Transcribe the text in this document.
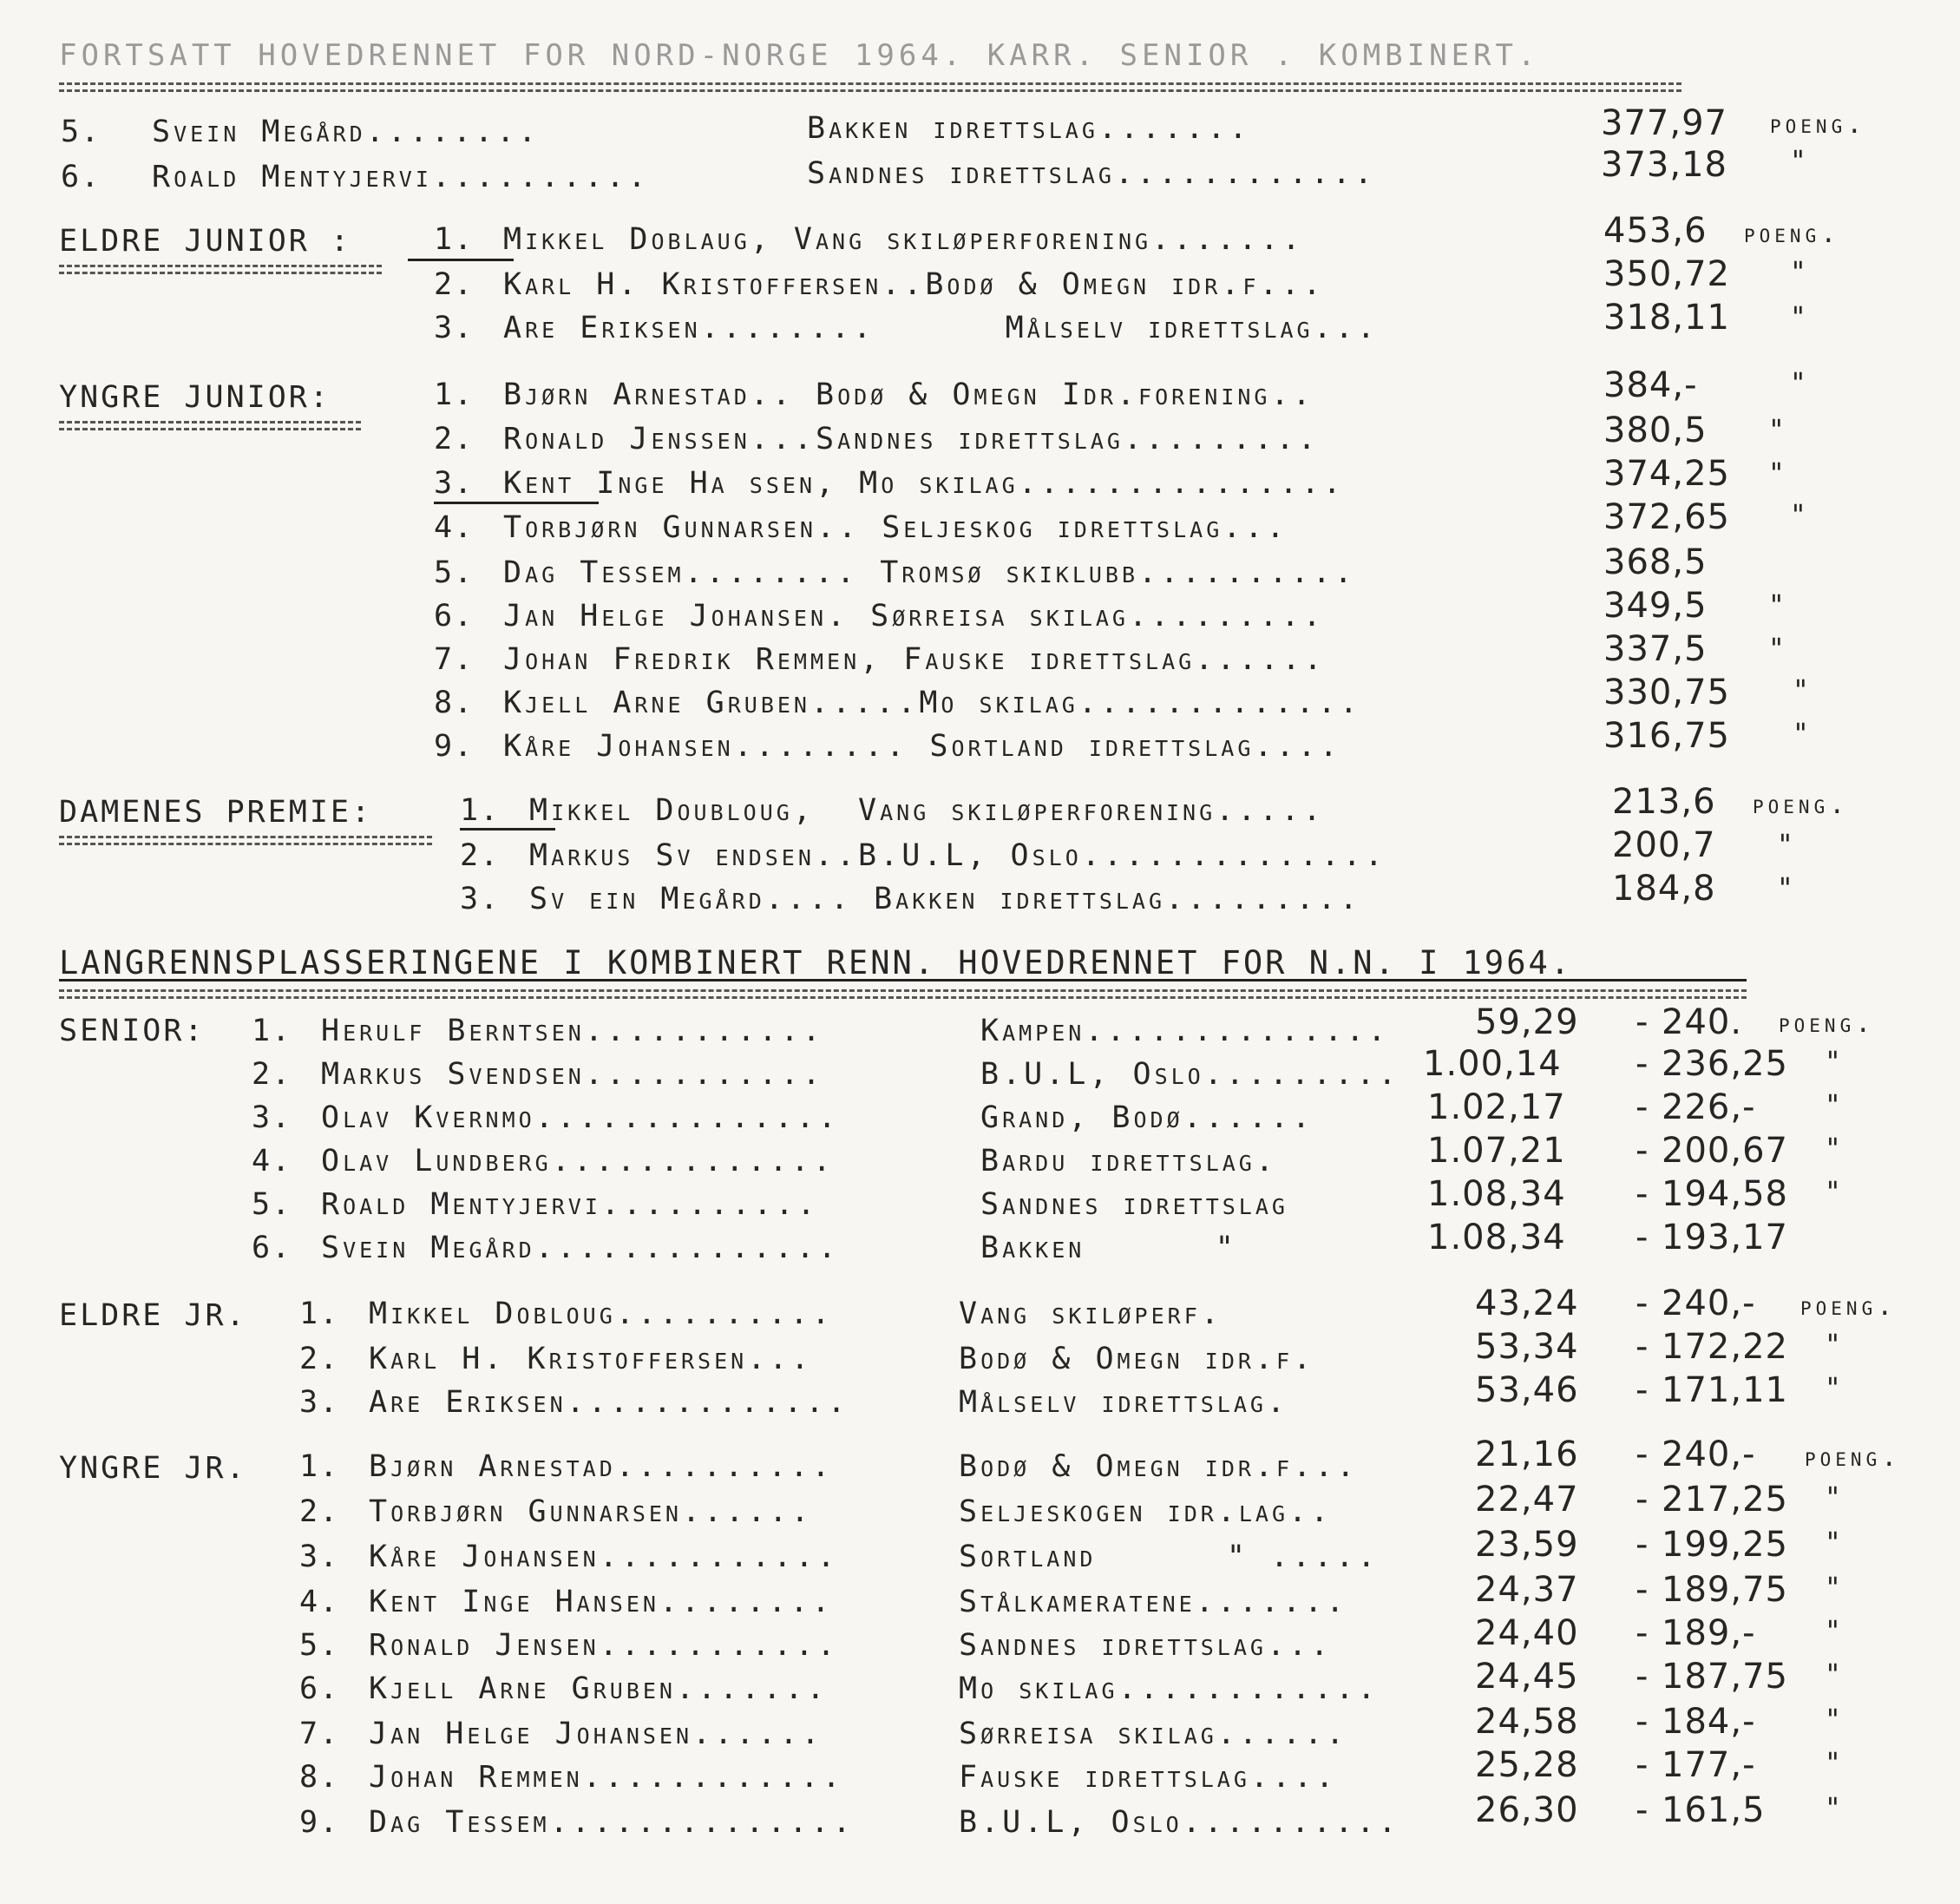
FORTSATT HOVEDRENNET FOR NORD-NORGE 1964. KARR. SENIOR . KOMBINERT.
5. Svein Megård........	Bakken idrettslag.......	377,97 poeng.
6. Roald Mentyjervi..........	Sandnes idrettslag............	373,18 "
ELDRE JUNIOR :	1. Mikkel Doblaug, Vang skiløperforening.......	453,6 poeng.
2. Karl H. Kristoffersen..Bodø & Omegn idr.f...	350,72 "
3. Are Eriksen........      Målselv idrettslag...	318,11 "
YNGRE JUNIOR:	1. Bjørn Arnestad.. Bodø & Omegn Idr.forening..	384,-	"
2. Ronald Jenssen...Sandnes idrettslag.........	380,5 "
3. Kent Inge Ha ssen, Mo skilag...............	374,25 "
4. Torbjørn Gunnarsen.. Seljeskog idrettslag...	372,65 "
5. Dag Tessem........ Tromsø skiklubb..........	368,5
6. Jan Helge Johansen. Sørreisa skilag.........	349,5 "
7. Johan Fredrik Remmen, Fauske idrettslag......	337,5 "
8. Kjell Arne Gruben.....Mo skilag.............	330,75 "
9. Kåre Johansen........ Sortland idrettslag....	316,75 "
DAMENES PREMIE:	1. Mikkel Doubloug,  Vang skiløperforening.....	213,6 poeng.
2. Markus Sv endsen..B.U.L, Oslo..............	200,7 "
3. Sv ein Megård.... Bakken idrettslag.........	184,8 "
LANGRENNSPLASSERINGENE I KOMBINERT RENN. HOVEDRENNET FOR N.N. I 1964.
SENIOR: 1. Herulf Berntsen...........	Kampen.............. 59,29 - 240. poeng.
2. Markus Svendsen...........	B.U.L, Oslo......... 1.00,14 - 236,25 "
3. Olav Kvernmo..............	Grand, Bodø......	1.02,17 - 226,-	"
4. Olav Lundberg.............	Bardu idrettslag.	1.07,21 - 200,67 "
5. Roald Mentyjervi..........	Sandnes idrettslag	1.08,34 - 194,58 "
6. Svein Megård..............	Bakken      "	1.08,34 - 193,17
ELDRE JR. 1. Mikkel Dobloug..........	Vang skiløperf.	43,24 - 240,- poeng.
2. Karl H. Kristoffersen...	Bodø & Omegn idr.f.	53,34 - 172,22 "
3. Are Eriksen.............	Målselv idrettslag.	53,46 - 171,11 "
YNGRE JR. 1. Bjørn Arnestad..........	Bodø & Omegn idr.f...	21,16 - 240,- poeng.
2. Torbjørn Gunnarsen......	Seljeskogen idr.lag..	22,47 - 217,25 "
3. Kåre Johansen...........	Sortland      " .....	23,59 - 199,25 "
4. Kent Inge Hansen........	Stålkameratene.......	24,37 - 189,75 "
5. Ronald Jensen...........	Sandnes idrettslag...	24,40 - 189,-	"
6. Kjell Arne Gruben.......	Mo skilag............	24,45 - 187,75 "
7. Jan Helge Johansen......	Sørreisa skilag......	24,58 - 184,-	"
8. Johan Remmen............	Fauske idrettslag....	25,28 - 177,-	"
9. Dag Tessem..............	B.U.L, Oslo.......... 26,30 - 161,5 "
